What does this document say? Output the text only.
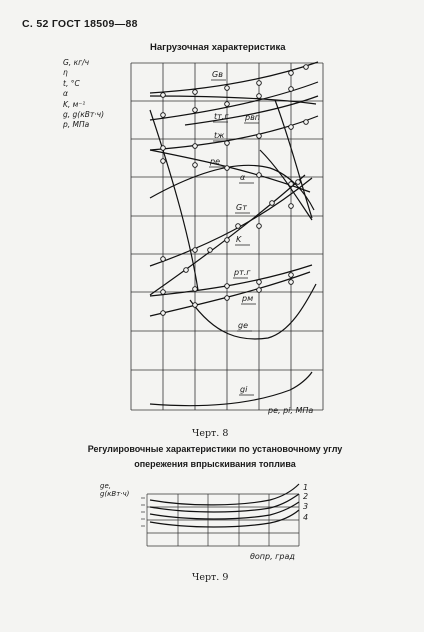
С. 52 ГОСТ 18509—88
Нагрузочная характеристика
G, кг/ч
η
t, °C
α
K, м⁻¹
g, g(кВт·ч)
p, МПа
Gв
tт.г pвп
tж
pе
α
Gт
K
pт.г
pм
gе
gi
1
2
3
4
pе, pi, МПа
Черт. 8
Регулировочные характеристики по установочному углу опережения впрыскивания топлива
gе, g(кВт·ч)
θопр, град
Черт. 9
